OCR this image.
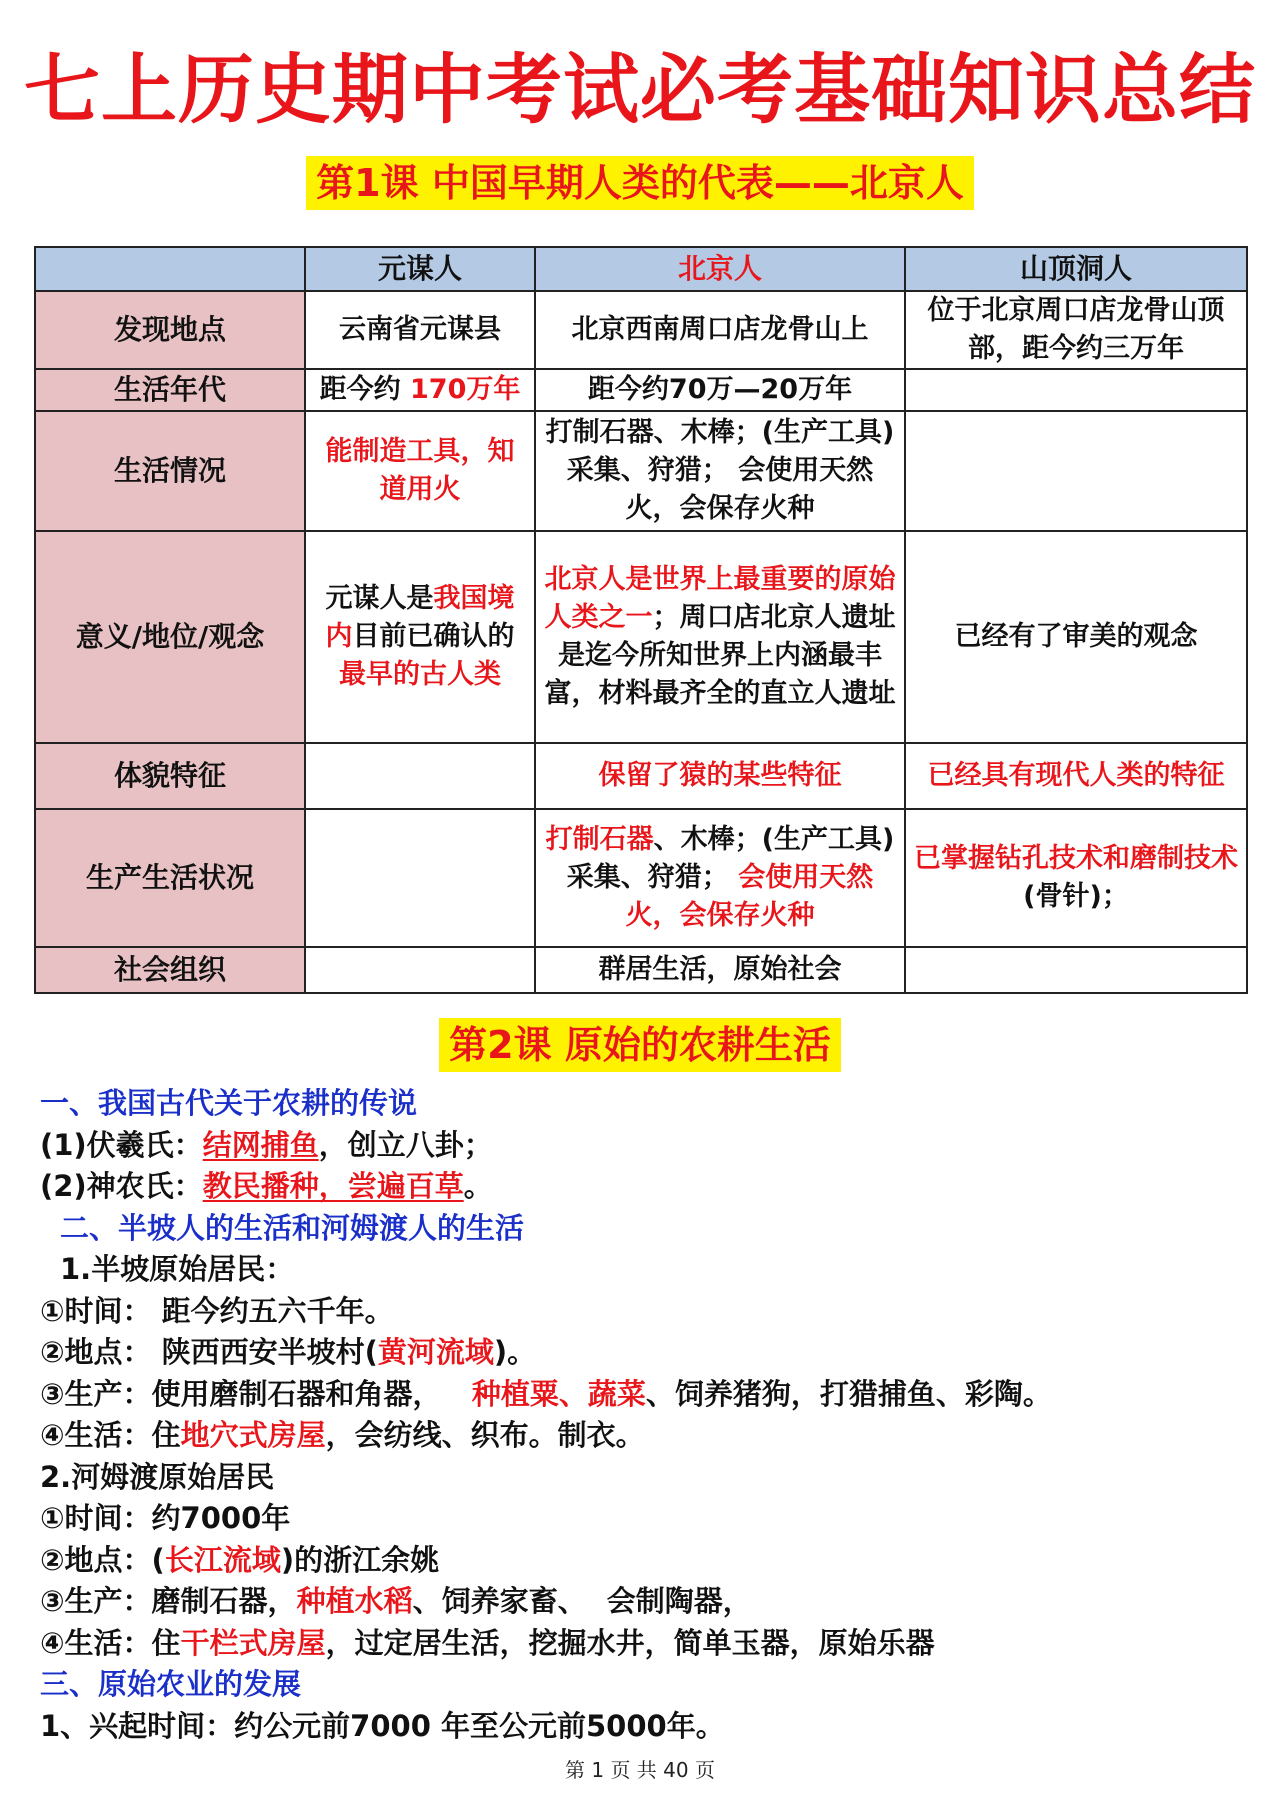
七上历史期中考试必考基础知识总结
第1课 中国早期人类的代表——北京人
	元谋人	北京人	山顶洞人
发现地点	云南省元谋县	北京西南周口店龙骨山上	位于北京周口店龙骨山顶部，距今约三万年
生活年代	距今约 170万年	距今约70万—20万年	
生活情况	能制造工具，知道用火	打制石器、木棒；(生产工具)采集、狩猎； 会使用天然火，会保存火种	
意义/地位/观念	元谋人是我国境内目前已确认的最早的古人类	北京人是世界上最重要的原始人类之一；周口店北京人遗址是迄今所知世界上内涵最丰富，材料最齐全的直立人遗址	已经有了审美的观念
体貌特征		保留了猿的某些特征	已经具有现代人类的特征
生产生活状况		打制石器、木棒；(生产工具)采集、狩猎； 会使用天然火，会保存火种	已掌握钻孔技术和磨制技术(骨针)；
社会组织		群居生活，原始社会	
第2课 原始的农耕生活
一、我国古代关于农耕的传说
(1)伏羲氏：结网捕鱼，创立八卦；
(2)神农氏：教民播种，尝遍百草。
二、半坡人的生活和河姆渡人的生活
1.半坡原始居民：
①时间： 距今约五六千年。
②地点： 陕西西安半坡村(黄河流域)。
③生产：使用磨制石器和角器，   种植粟、蔬菜、饲养猪狗，打猎捕鱼、彩陶。
④生活：住地穴式房屋，会纺线、织布。制衣。
2.河姆渡原始居民
①时间：约7000年
②地点：(长江流域)的浙江余姚
③生产：磨制石器，种植水稻、饲养家畜、  会制陶器，
④生活：住干栏式房屋，过定居生活，挖掘水井，简单玉器，原始乐器
三、原始农业的发展
1、兴起时间：约公元前7000 年至公元前5000年。
第 1 页 共 40 页
